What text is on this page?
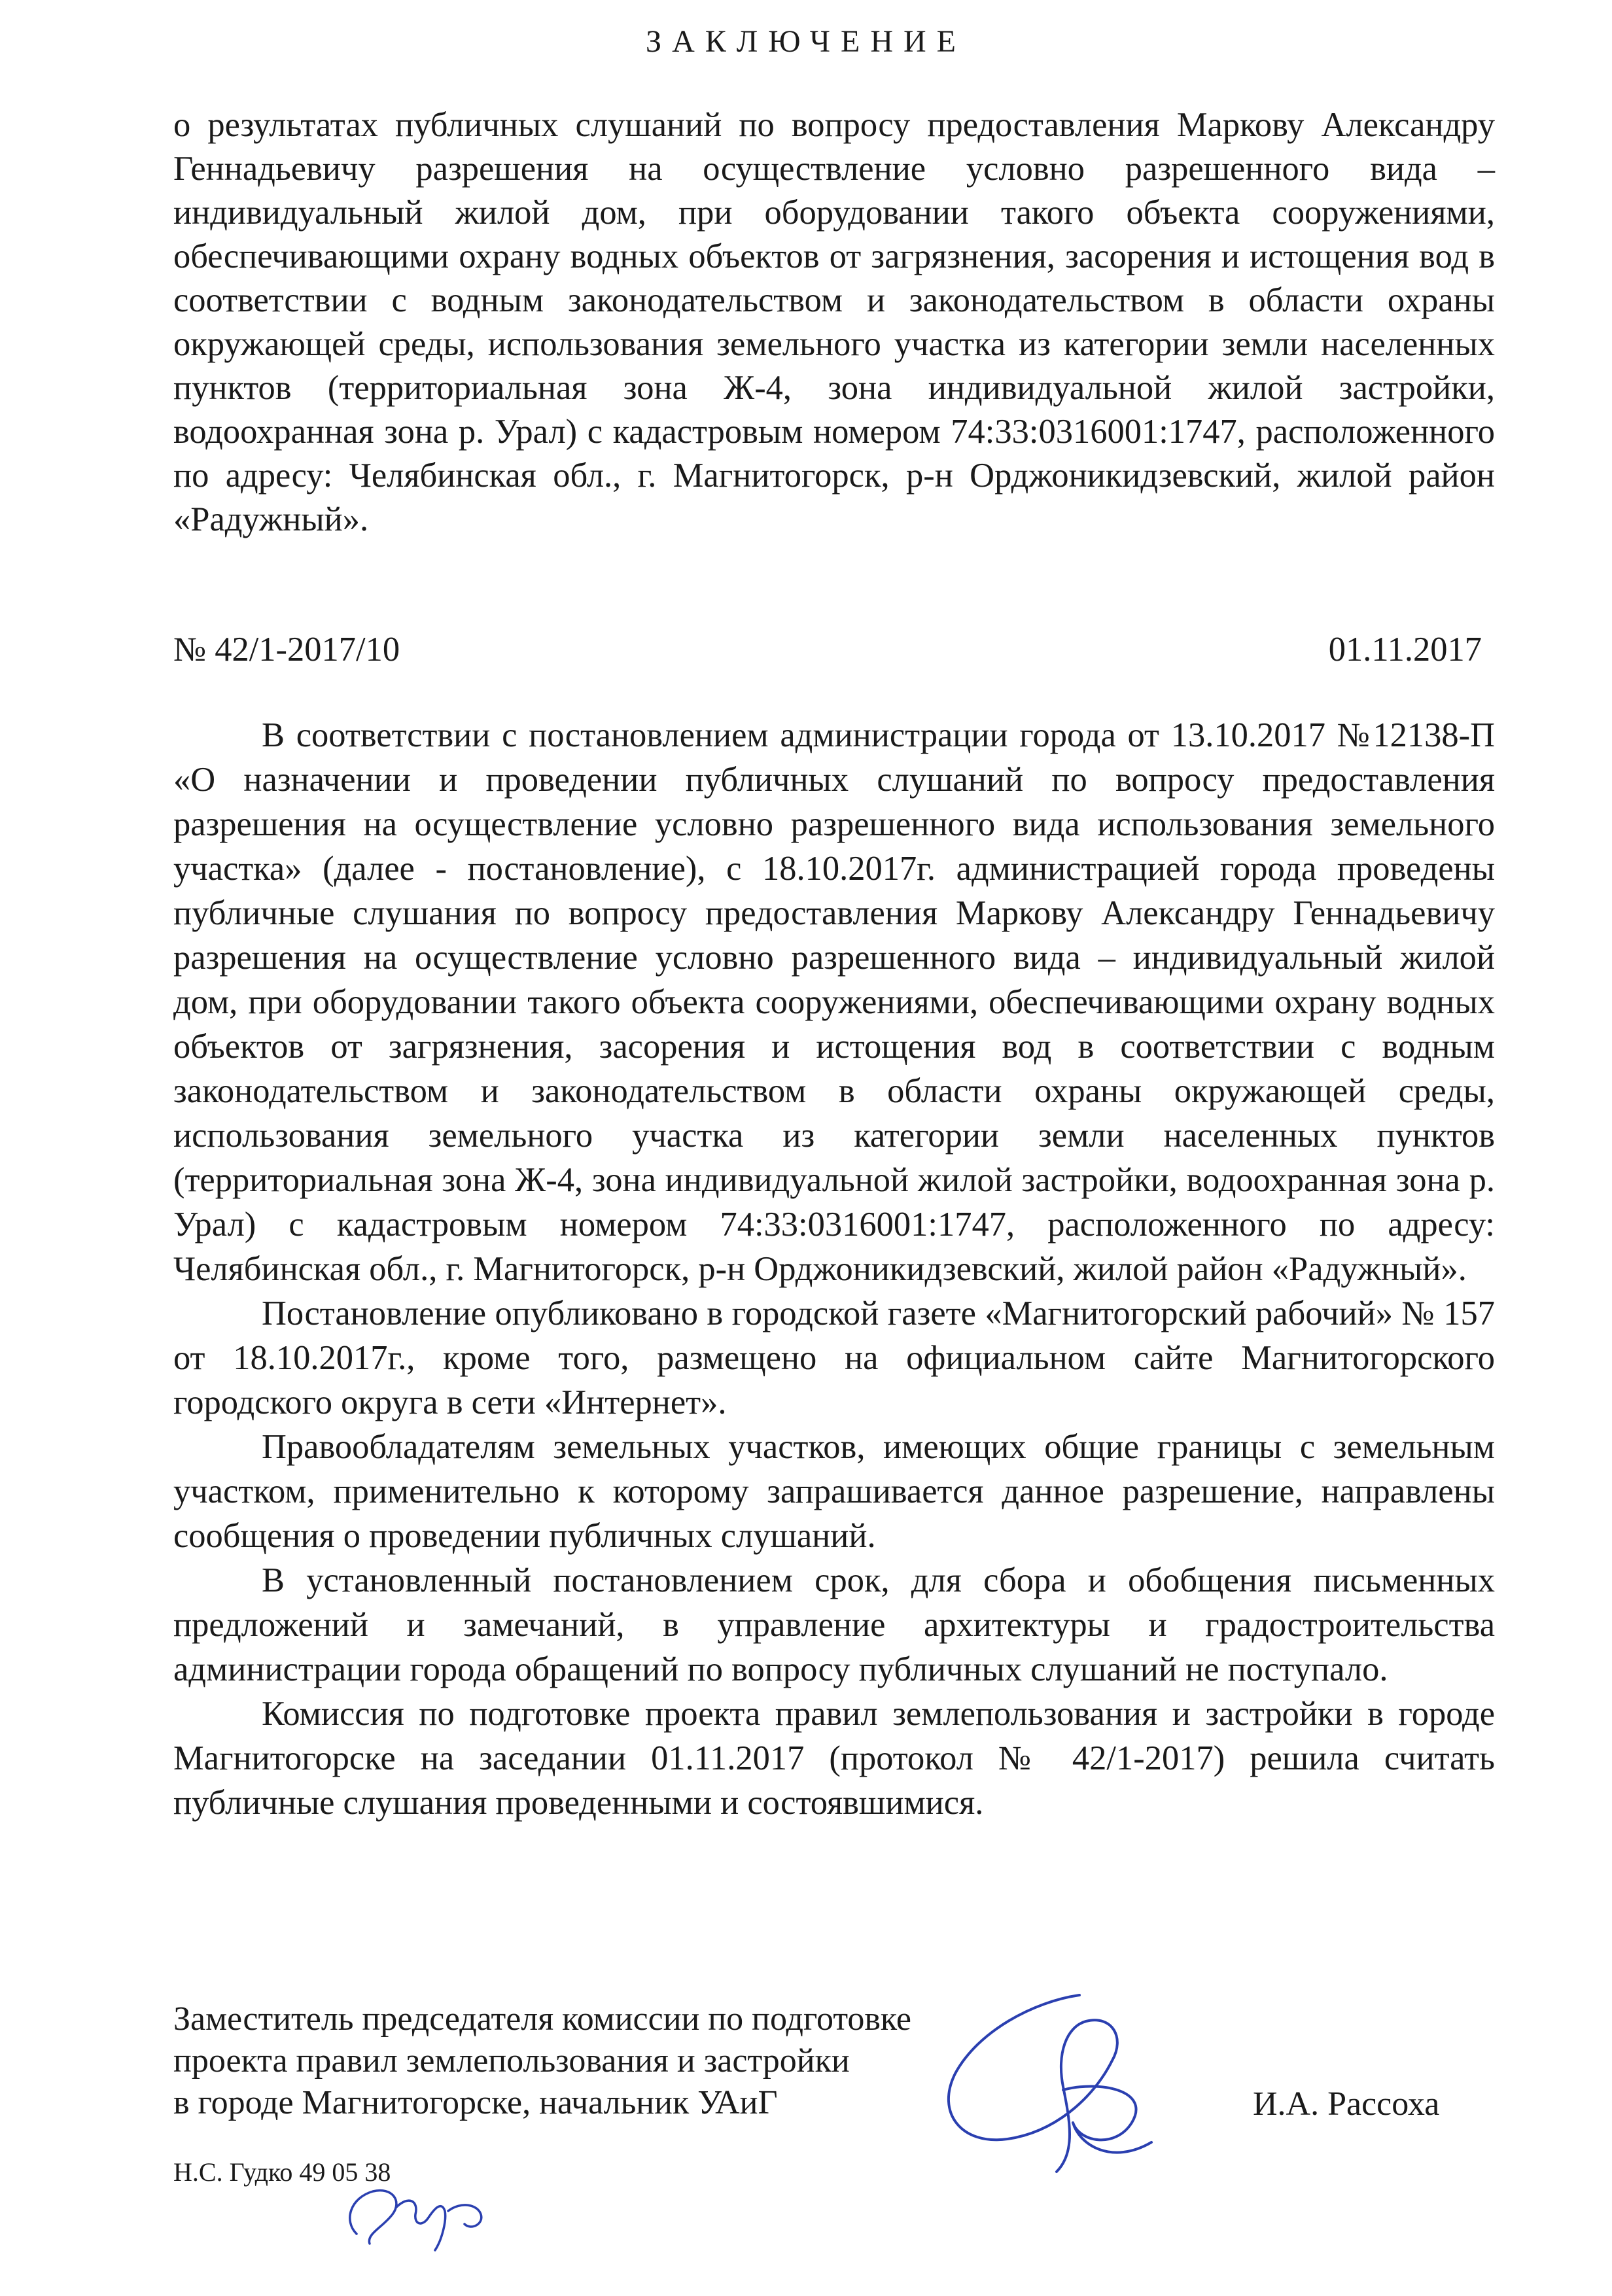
ЗАКЛЮЧЕНИЕ
о результатах публичных слушаний по вопросу предоставления Маркову Александру Геннадьевичу разрешения на осуществление условно разрешенного вида – индивидуальный жилой дом, при оборудовании такого объекта сооружениями, обеспечивающими охрану водных объектов от загрязнения, засорения и истощения вод в соответствии с водным законодательством и законодательством в области охраны окружающей среды, использования земельного участка из категории земли населенных пунктов (территориальная зона Ж-4, зона индивидуальной жилой застройки, водоохранная зона р. Урал) с кадастровым номером 74:33:0316001:1747, расположенного по адресу: Челябинская обл., г. Магнитогорск, р-н Орджоникидзевский, жилой район «Радужный».
№ 42/1-2017/10	01.11.2017

В соответствии с постановлением администрации города от 13.10.2017 №12138-П «О назначении и проведении публичных слушаний по вопросу предоставления разрешения на осуществление условно разрешенного вида использования земельного участка» (далее - постановление), с 18.10.2017г. администрацией города проведены публичные слушания по вопросу предоставления Маркову Александру Геннадьевичу разрешения на осуществление условно разрешенного вида – индивидуальный жилой дом, при оборудовании такого объекта сооружениями, обеспечивающими охрану водных объектов от загрязнения, засорения и истощения вод в соответствии с водным законодательством и законодательством в области охраны окружающей среды, использования земельного участка из категории земли населенных пунктов (территориальная зона Ж-4, зона индивидуальной жилой застройки, водоохранная зона р. Урал) с кадастровым номером 74:33:0316001:1747, расположенного по адресу: Челябинская обл., г. Магнитогорск, р-н Орджоникидзевский, жилой район «Радужный».

Постановление опубликовано в городской газете «Магнитогорский рабочий» № 157 от 18.10.2017г., кроме того, размещено на официальном сайте Магнитогорского городского округа в сети «Интернет».

Правообладателям земельных участков, имеющих общие границы с земельным участком, применительно к которому запрашивается данное разрешение, направлены сообщения о проведении публичных слушаний.

В установленный постановлением срок, для сбора и обобщения письменных предложений и замечаний, в управление архитектуры и градостроительства администрации города обращений по вопросу публичных слушаний не поступало.

Комиссия по подготовке проекта правил землепользования и застройки в городе Магнитогорске на заседании 01.11.2017 (протокол № 42/1-2017) решила считать публичные слушания проведенными и состоявшимися.

Заместитель председателя комиссии по подготовке
проекта правил землепользования и застройки
в городе Магнитогорске, начальник УАиГ	И.А. Рассоха
Н.С. Гудко 49 05 38
